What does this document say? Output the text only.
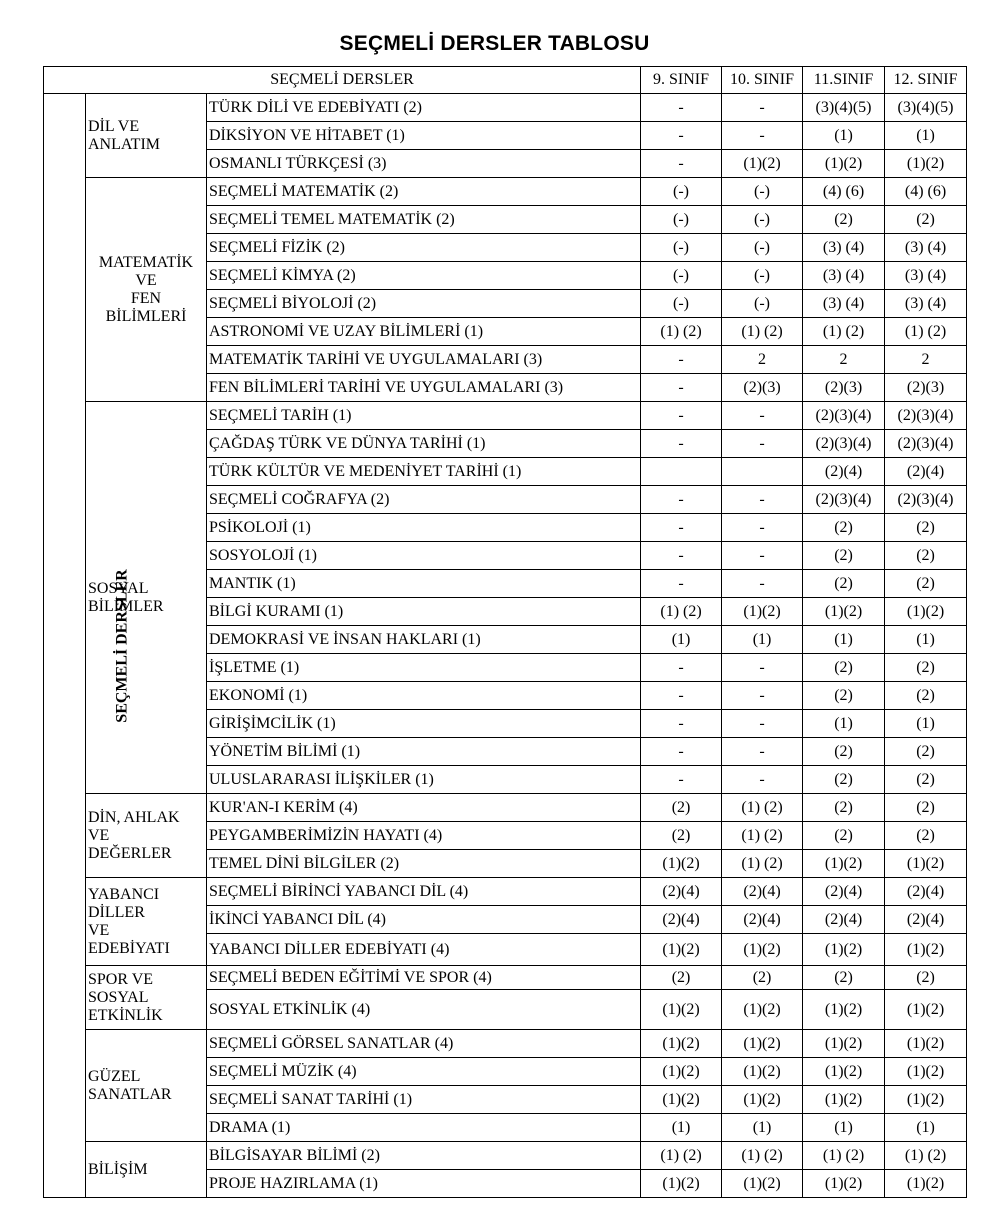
SEÇMELİ DERSLER TABLOSU
SEÇMELİ DERSLER			9. SINIF	10. SINIF	11.SINIF	12. SINIF
SEÇMELİ DERSLER	DİL VE
ANLATIM	TÜRK DİLİ VE EDEBİYATI (2)	-	-	(3)(4)(5)	(3)(4)(5)
		DİKSİYON VE HİTABET (1)	-	-	(1)	(1)
		OSMANLI TÜRKÇESİ (3)	-	(1)(2)	(1)(2)	(1)(2)

	MATEMATİK
VE
FEN
BİLİMLERİ	SEÇMELİ MATEMATİK (2)	(-)	(-)	(4) (6)	(4) (6)
		SEÇMELİ TEMEL MATEMATİK (2)	(-)	(-)	(2)	(2)
		SEÇMELİ FİZİK (2)	(-)	(-)	(3) (4)	(3) (4)
		SEÇMELİ KİMYA (2)	(-)	(-)	(3) (4)	(3) (4)
		SEÇMELİ BİYOLOJİ (2)	(-)	(-)	(3) (4)	(3) (4)
		ASTRONOMİ VE UZAY BİLİMLERİ (1)	(1) (2)	(1) (2)	(1) (2)	(1) (2)
		MATEMATİK TARİHİ VE UYGULAMALARI (3)	-	2	2	2
		FEN BİLİMLERİ TARİHİ VE UYGULAMALARI (3)	-	(2)(3)	(2)(3)	(2)(3)

	SOSYAL
BİLİMLER	SEÇMELİ TARİH (1)	-	-	(2)(3)(4)	(2)(3)(4)
		ÇAĞDAŞ TÜRK VE DÜNYA TARİHİ (1)	-	-	(2)(3)(4)	(2)(3)(4)
		TÜRK KÜLTÜR VE MEDENİYET TARİHİ (1)			(2)(4)	(2)(4)
		SEÇMELİ COĞRAFYA (2)	-	-	(2)(3)(4)	(2)(3)(4)
		PSİKOLOJİ (1)	-	-	(2)	(2)
		SOSYOLOJİ (1)	-	-	(2)	(2)
		MANTIK (1)	-	-	(2)	(2)
		BİLGİ KURAMI (1)	(1) (2)	(1)(2)	(1)(2)	(1)(2)
		DEMOKRASİ VE İNSAN HAKLARI (1)	(1)	(1)	(1)	(1)
		İŞLETME (1)	-	-	(2)	(2)
		EKONOMİ (1)	-	-	(2)	(2)
		GİRİŞİMCİLİK (1)	-	-	(1)	(1)
		YÖNETİM BİLİMİ (1)	-	-	(2)	(2)
		ULUSLARARASI İLİŞKİLER (1)	-	-	(2)	(2)

	DİN, AHLAK
VE
DEĞERLER	KUR'AN-I KERİM (4)	(2)	(1) (2)	(2)	(2)
		PEYGAMBERİMİZİN HAYATI (4)	(2)	(1) (2)	(2)	(2)
		TEMEL DİNİ BİLGİLER (2)	(1)(2)	(1) (2)	(1)(2)	(1)(2)

	YABANCI
DİLLER
VE
EDEBİYATI	SEÇMELİ BİRİNCİ YABANCI DİL (4)	(2)(4)	(2)(4)	(2)(4)	(2)(4)
		İKİNCİ YABANCI DİL (4)	(2)(4)	(2)(4)	(2)(4)	(2)(4)
		YABANCI DİLLER EDEBİYATI (4)	(1)(2)	(1)(2)	(1)(2)	(1)(2)

	SPOR VE
SOSYAL
ETKİNLİK	SEÇMELİ BEDEN EĞİTİMİ VE SPOR (4)	(2)	(2)	(2)	(2)
		SOSYAL ETKİNLİK (4)	(1)(2)	(1)(2)	(1)(2)	(1)(2)

	GÜZEL
SANATLAR	SEÇMELİ GÖRSEL SANATLAR (4)	(1)(2)	(1)(2)	(1)(2)	(1)(2)
		SEÇMELİ MÜZİK (4)	(1)(2)	(1)(2)	(1)(2)	(1)(2)
		SEÇMELİ SANAT TARİHİ (1)	(1)(2)	(1)(2)	(1)(2)	(1)(2)
		DRAMA (1)	(1)	(1)	(1)	(1)

	BİLİŞİM	BİLGİSAYAR BİLİMİ (2)	(1) (2)	(1) (2)	(1) (2)	(1) (2)
		PROJE HAZIRLAMA (1)	(1)(2)	(1)(2)	(1)(2)	(1)(2)
